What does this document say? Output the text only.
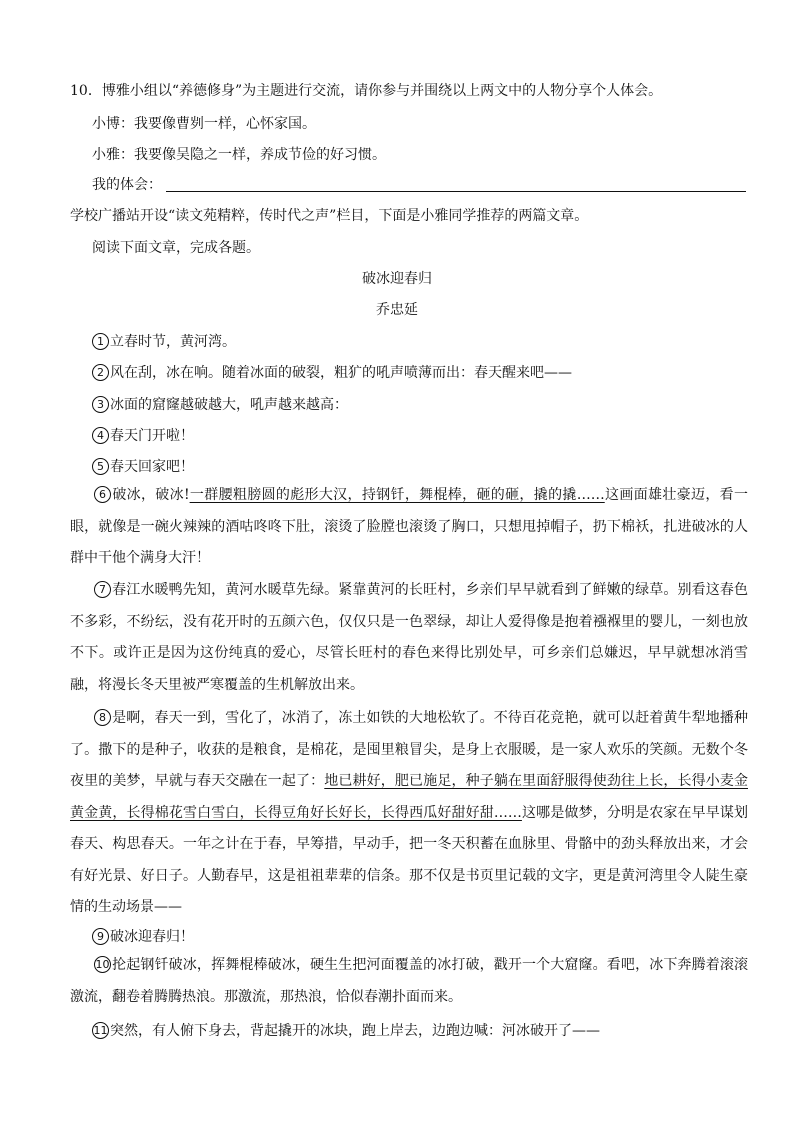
10．博雅小组以“养德修身”为主题进行交流，请你参与并围绕以上两文中的人物分享个人体会。
小博：我要像曹刿一样，心怀家国。
小雅：我要像吴隐之一样，养成节俭的好习惯。
我的体会：
学校广播站开设“读文苑精粹，传时代之声”栏目，下面是小雅同学推荐的两篇文章。
阅读下面文章，完成各题。
破冰迎春归
乔忠延
1 立春时节，黄河湾。
2 风在刮，冰在响。随着冰面的破裂，粗犷的吼声喷薄而出：春天醒来吧——
3 冰面的窟窿越破越大，吼声越来越高：
4 春天门开啦！
5 春天回家吧！
6 破冰，破冰!一群腰粗膀圆的彪形大汉，持钢钎，舞棍棒，砸的砸，撬的撬……这画面雄壮豪迈，看一眼，就像是一碗火辣辣的酒咕咚咚下肚，滚烫了脸膛也滚烫了胸口，只想甩掉帽子，扔下棉袄，扎进破冰的人群中干他个满身大汗！
7 春江水暖鸭先知，黄河水暖草先绿。紧靠黄河的长旺村，乡亲们早早就看到了鲜嫩的绿草。别看这春色不多彩，不纷纭，没有花开时的五颜六色，仅仅只是一色翠绿，却让人爱得像是抱着襁褓里的婴儿，一刻也放不下。或许正是因为这份纯真的爱心，尽管长旺村的春色来得比别处早，可乡亲们总嫌迟，早早就想冰消雪融，将漫长冬天里被严寒覆盖的生机解放出来。
8 是啊，春天一到，雪化了，冰消了，冻土如铁的大地松软了。不待百花竞艳，就可以赶着黄牛犁地播种了。撒下的是种子，收获的是粮食，是棉花，是囤里粮冒尖，是身上衣服暖，是一家人欢乐的笑颜。无数个冬夜里的美梦，早就与春天交融在一起了：地已耕好，肥已施足，种子躺在里面舒服得使劲往上长，长得小麦金黄金黄，长得棉花雪白雪白，长得豆角好长好长，长得西瓜好甜好甜……这哪是做梦，分明是农家在早早谋划春天、构思春天。一年之计在于春，早筹措，早动手，把一冬天积蓄在血脉里、骨骼中的劲头释放出来，才会有好光景、好日子。人勤春早，这是祖祖辈辈的信条。那不仅是书页里记载的文字，更是黄河湾里令人陡生豪情的生动场景——
9 破冰迎春归！
10 抡起钢钎破冰，挥舞棍棒破冰，硬生生把河面覆盖的冰打破，戳开一个大窟窿。看吧，冰下奔腾着滚滚激流，翻卷着腾腾热浪。那激流，那热浪，恰似春潮扑面而来。
11 突然，有人俯下身去，背起撬开的冰块，跑上岸去，边跑边喊：河冰破开了——
